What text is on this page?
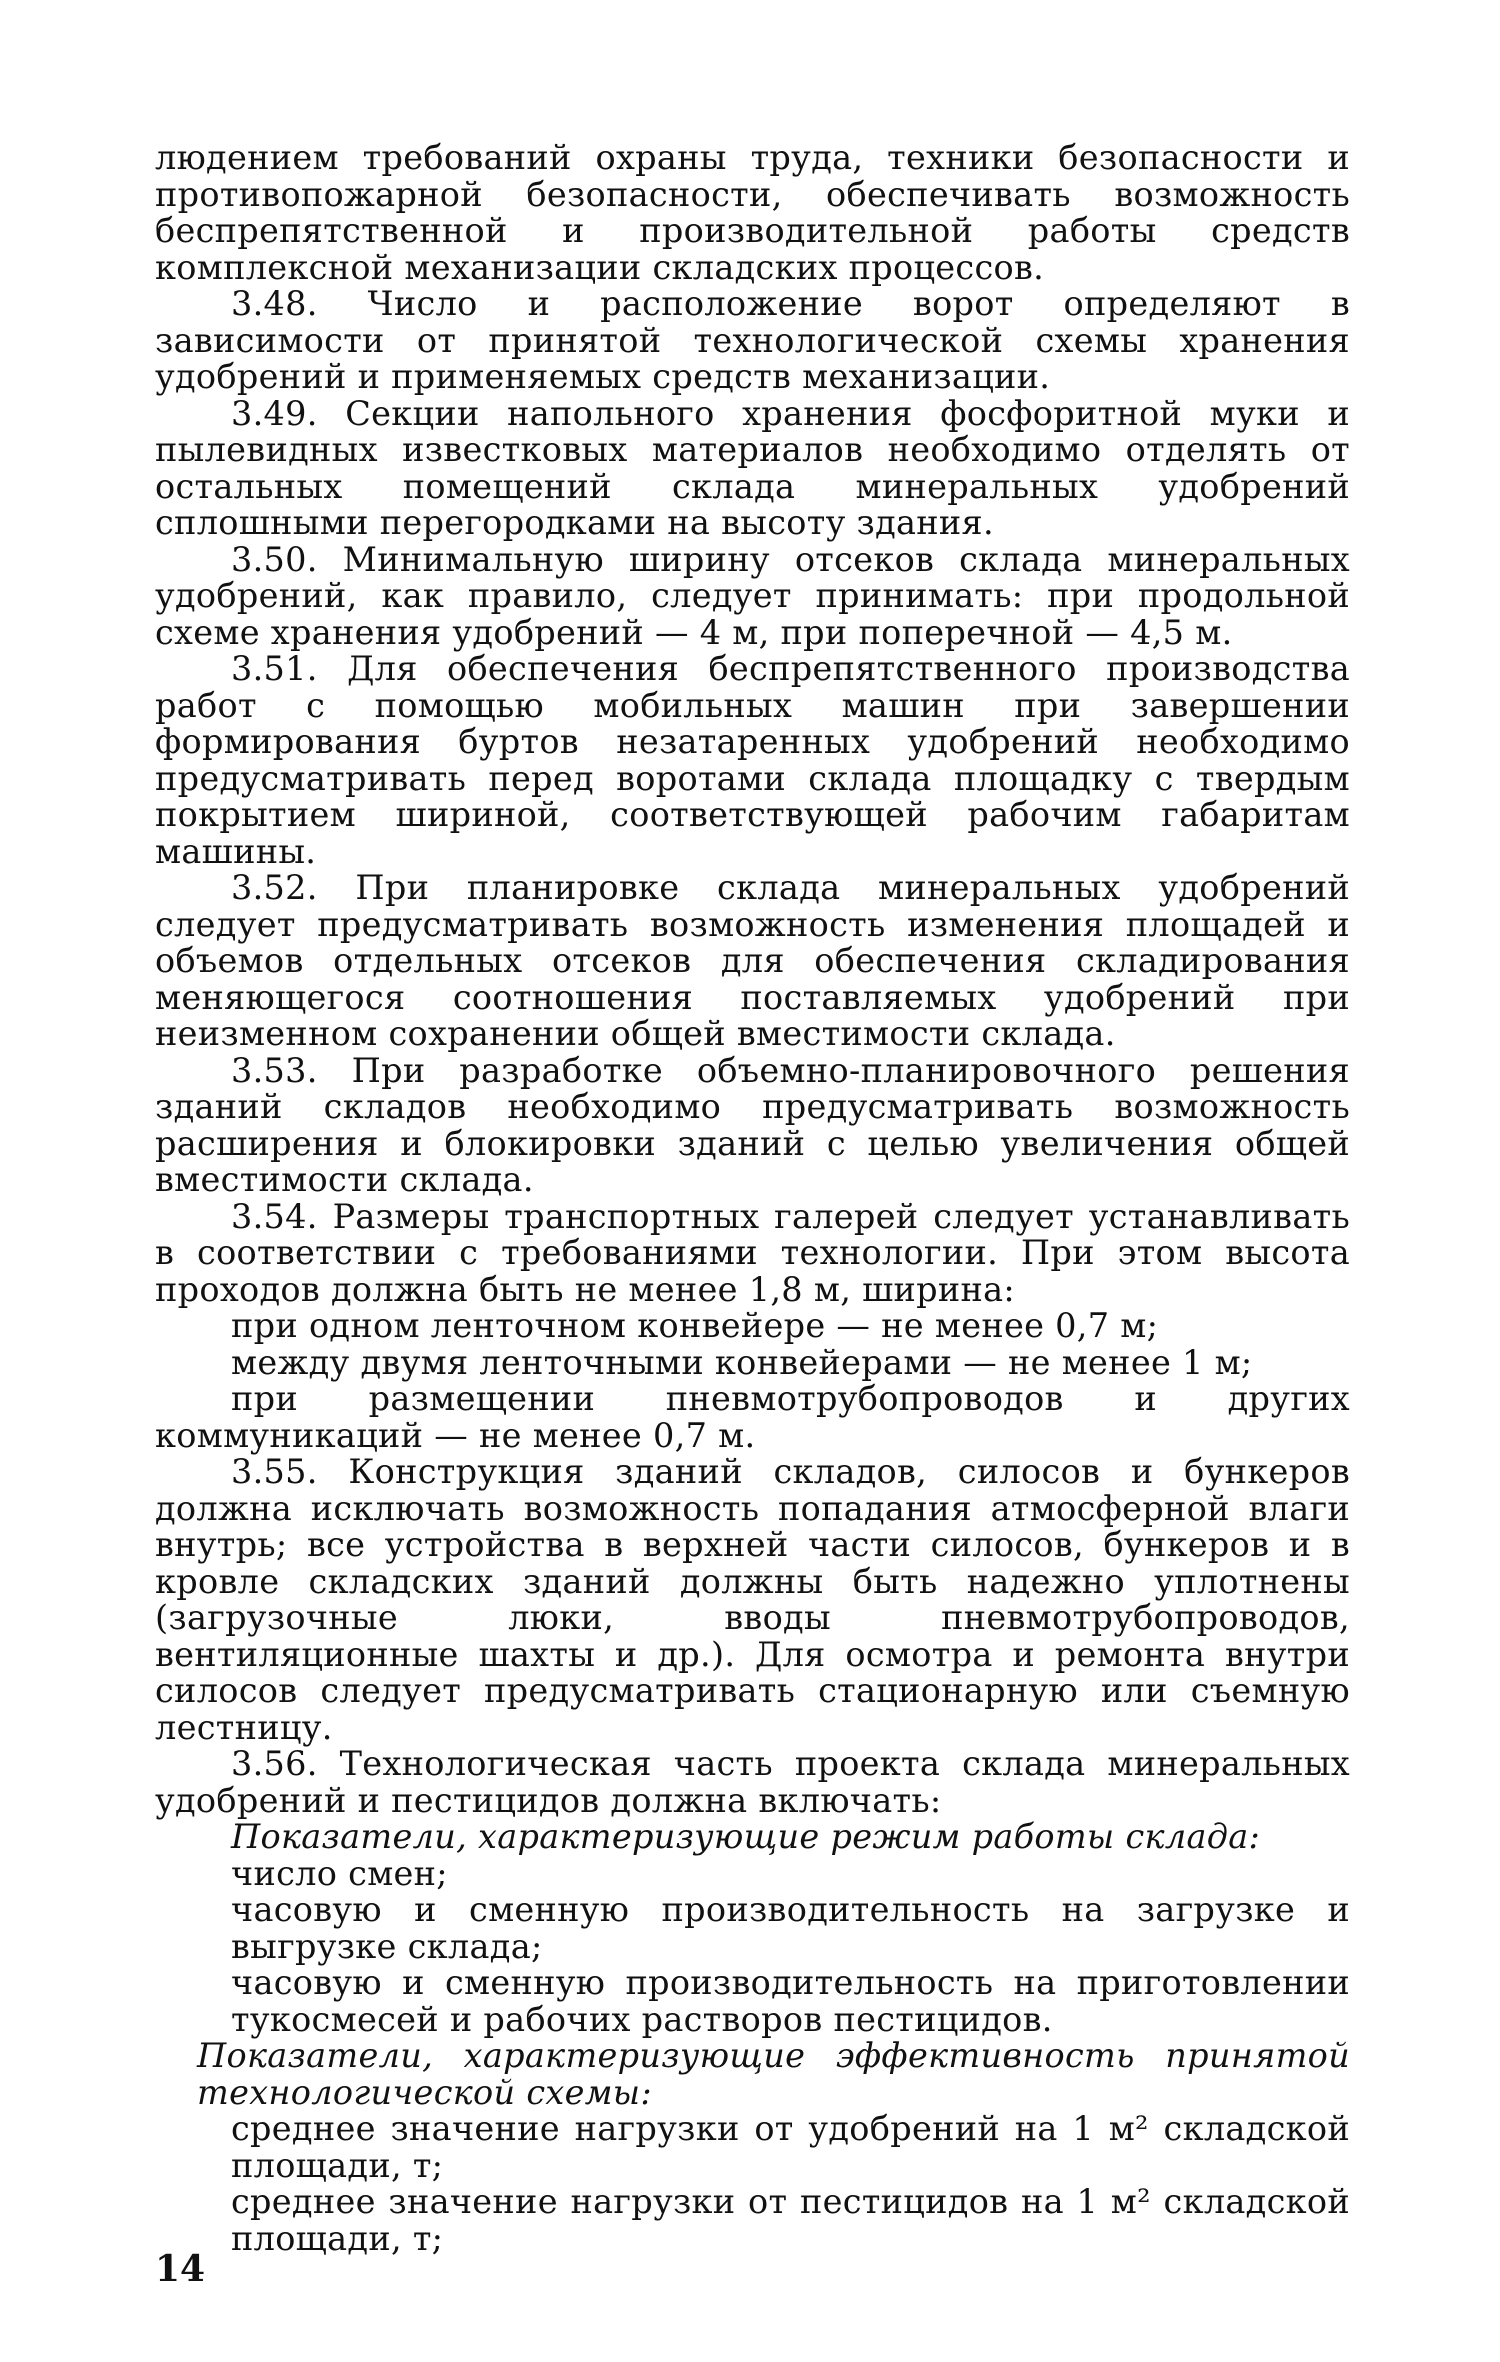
людением требований охраны труда, техники безопасности и противопожарной безопасности, обеспечивать возможность беспрепятственной и производительной работы средств комплексной механизации складских процессов.

3.48. Число и расположение ворот определяют в зависимости от принятой технологической схемы хранения удобрений и применяемых средств механизации.

3.49. Секции напольного хранения фосфоритной муки и пылевидных известковых материалов необходимо отделять от остальных помещений склада минеральных удобрений сплошными перегородками на высоту здания.

3.50. Минимальную ширину отсеков склада минеральных удобрений, как правило, следует принимать: при продольной схеме хранения удобрений — 4 м, при поперечной — 4,5 м.

3.51. Для обеспечения беспрепятственного производства работ с помощью мобильных машин при завершении формирования буртов незатаренных удобрений необходимо предусматривать перед воротами склада площадку с твердым покрытием шириной, соответствующей рабочим габаритам машины.

3.52. При планировке склада минеральных удобрений следует предусматривать возможность изменения площадей и объемов отдельных отсеков для обеспечения складирования меняющегося соотношения поставляемых удобрений при неизменном сохранении общей вместимости склада.

3.53. При разработке объемно-планировочного решения зданий складов необходимо предусматривать возможность расширения и блокировки зданий с целью увеличения общей вместимости склада.

3.54. Размеры транспортных галерей следует устанавливать в соответствии с требованиями технологии. При этом высота проходов должна быть не менее 1,8 м, ширина:

при одном ленточном конвейере — не менее 0,7 м;

между двумя ленточными конвейерами — не менее 1 м;

при размещении пневмотрубопроводов и других коммуникаций — не менее 0,7 м.

3.55. Конструкция зданий складов, силосов и бункеров должна исключать возможность попадания атмосферной влаги внутрь; все устройства в верхней части силосов, бункеров и в кровле складских зданий должны быть надежно уплотнены (загрузочные люки, вводы пневмотрубопроводов, вентиляционные шахты и др.). Для осмотра и ремонта внутри силосов следует предусматривать стационарную или съемную лестницу.

3.56. Технологическая часть проекта склада минеральных удобрений и пестицидов должна включать:

Показатели, характеризующие режим работы склада:

число смен;

часовую и сменную производительность на загрузке и выгрузке склада;

часовую и сменную производительность на приготовлении тукосмесей и рабочих растворов пестицидов.

Показатели, характеризующие эффективность принятой технологической схемы:

среднее значение нагрузки от удобрений на 1 м² складской площади, т;

среднее значение нагрузки от пестицидов на 1 м² складской площади, т;

14
